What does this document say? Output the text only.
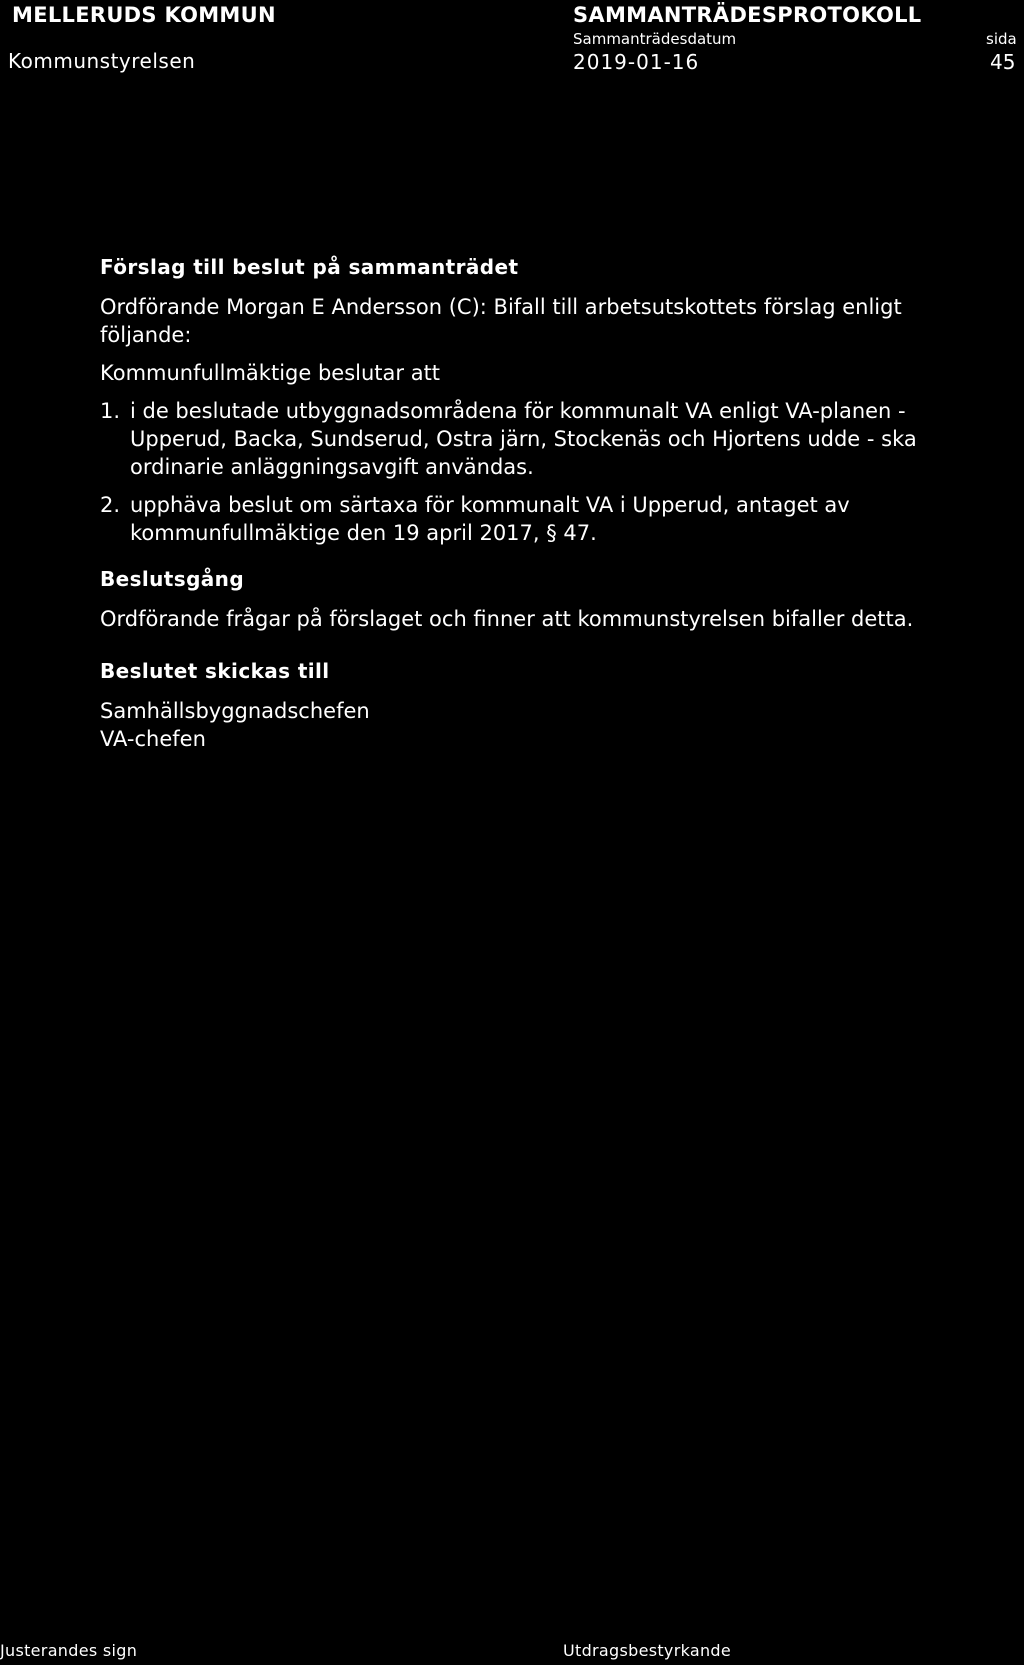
MELLERUDS KOMMUN
Kommunstyrelsen
SAMMANTRÄDESPROTOKOLL
Sammanträdesdatum
2019-01-16
sida
45

Förslag till beslut på sammanträdet

Ordförande Morgan E Andersson (C): Bifall till arbetsutskottets förslag enligt följande:

Kommunfullmäktige beslutar att

1. i de beslutade utbyggnadsområdena för kommunalt VA enligt VA-planen - Upperud, Backa, Sundserud, Ostra järn, Stockenäs och Hjortens udde - ska ordinarie anläggningsavgift användas.
2. upphäva beslut om särtaxa för kommunalt VA i Upperud, antaget av kommunfullmäktige den 19 april 2017, § 47.

Beslutsgång

Ordförande frågar på förslaget och finner att kommunstyrelsen bifaller detta.

Beslutet skickas till

Samhällsbyggnadschefen
VA-chefen
Justerandes sign	Utdragsbestyrkande
